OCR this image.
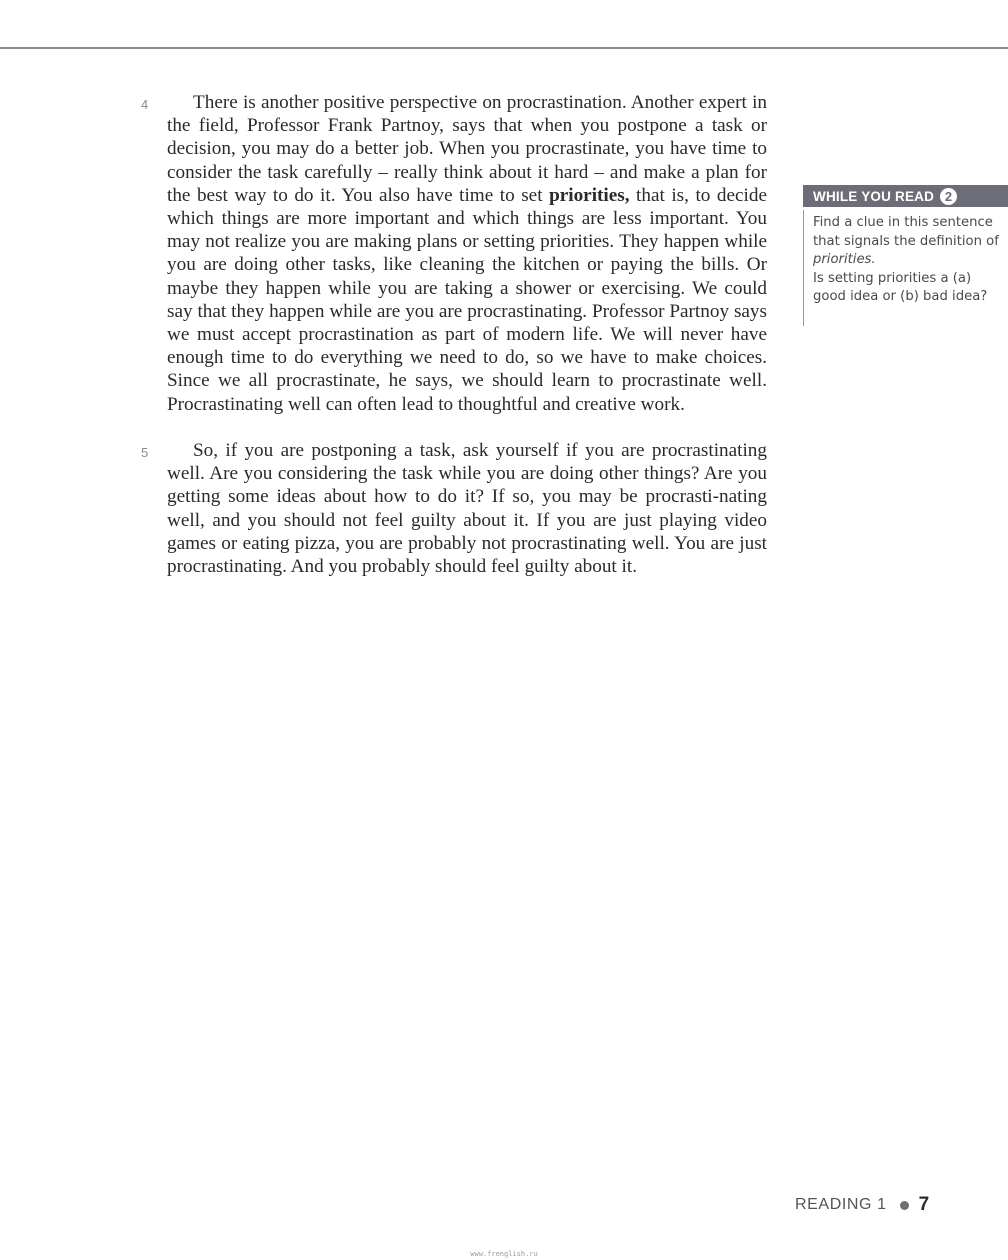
4	There is another positive perspective on procrastination. Another expert in the field, Professor Frank Partnoy, says that when you postpone a task or decision, you may do a better job. When you procrastinate, you have time to consider the task carefully – really think about it hard – and make a plan for the best way to do it. You also have time to set priorities, that is, to decide which things are more important and which things are less important. You may not realize you are making plans or setting priorities. They happen while you are doing other tasks, like cleaning the kitchen or paying the bills. Or maybe they happen while you are taking a shower or exercising. We could say that they happen while are you are procrastinating. Professor Partnoy says we must accept procrastination as part of modern life. We will never have enough time to do everything we need to do, so we have to make choices. Since we all procrastinate, he says, we should learn to procrastinate well. Procrastinating well can often lead to thoughtful and creative work.

5	So, if you are postponing a task, ask yourself if you are procrastinating well. Are you considering the task while you are doing other things? Are you getting some ideas about how to do it? If so, you may be procrasti-nating well, and you should not feel guilty about it. If you are just playing video games or eating pizza, you are probably not procrastinating well. You are just procrastinating. And you probably should feel guilty about it.

WHILE YOU READ 2
Find a clue in this sentence that signals the definition of priorities.
Is setting priorities a (a) good idea or (b) bad idea?
READING 1 7
www.frenglish.ru
